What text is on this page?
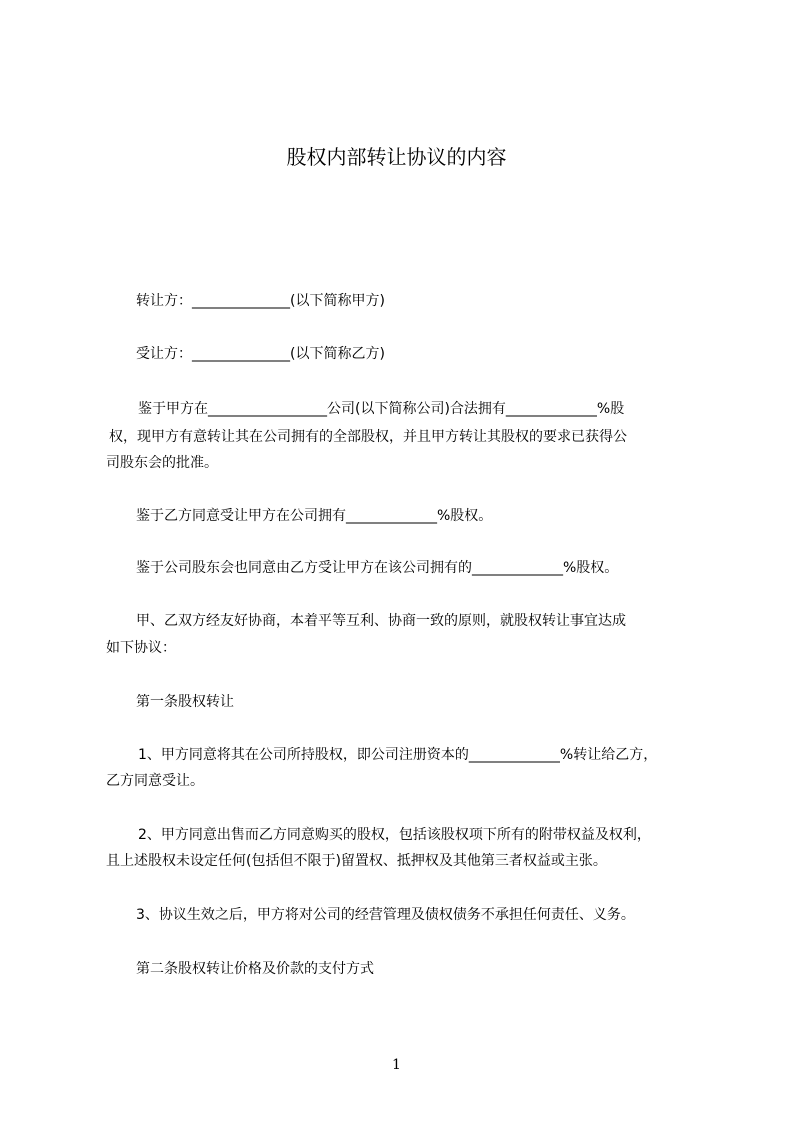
股权内部转让协议的内容
转让方：______________(以下简称甲方)
受让方：______________(以下简称乙方)
鉴于甲方在_________________公司(以下简称公司)合法拥有_____________%股
权，现甲方有意转让其在公司拥有的全部股权，并且甲方转让其股权的要求已获得公
司股东会的批准。
鉴于乙方同意受让甲方在公司拥有_____________%股权。
鉴于公司股东会也同意由乙方受让甲方在该公司拥有的_____________%股权。
甲、乙双方经友好协商，本着平等互利、协商一致的原则，就股权转让事宜达成
如下协议：
第一条股权转让
1、甲方同意将其在公司所持股权，即公司注册资本的_____________%转让给乙方，
乙方同意受让。
2、甲方同意出售而乙方同意购买的股权，包括该股权项下所有的附带权益及权利，
且上述股权未设定任何(包括但不限于)留置权、抵押权及其他第三者权益或主张。
3、协议生效之后，甲方将对公司的经营管理及债权债务不承担任何责任、义务。
第二条股权转让价格及价款的支付方式
1
